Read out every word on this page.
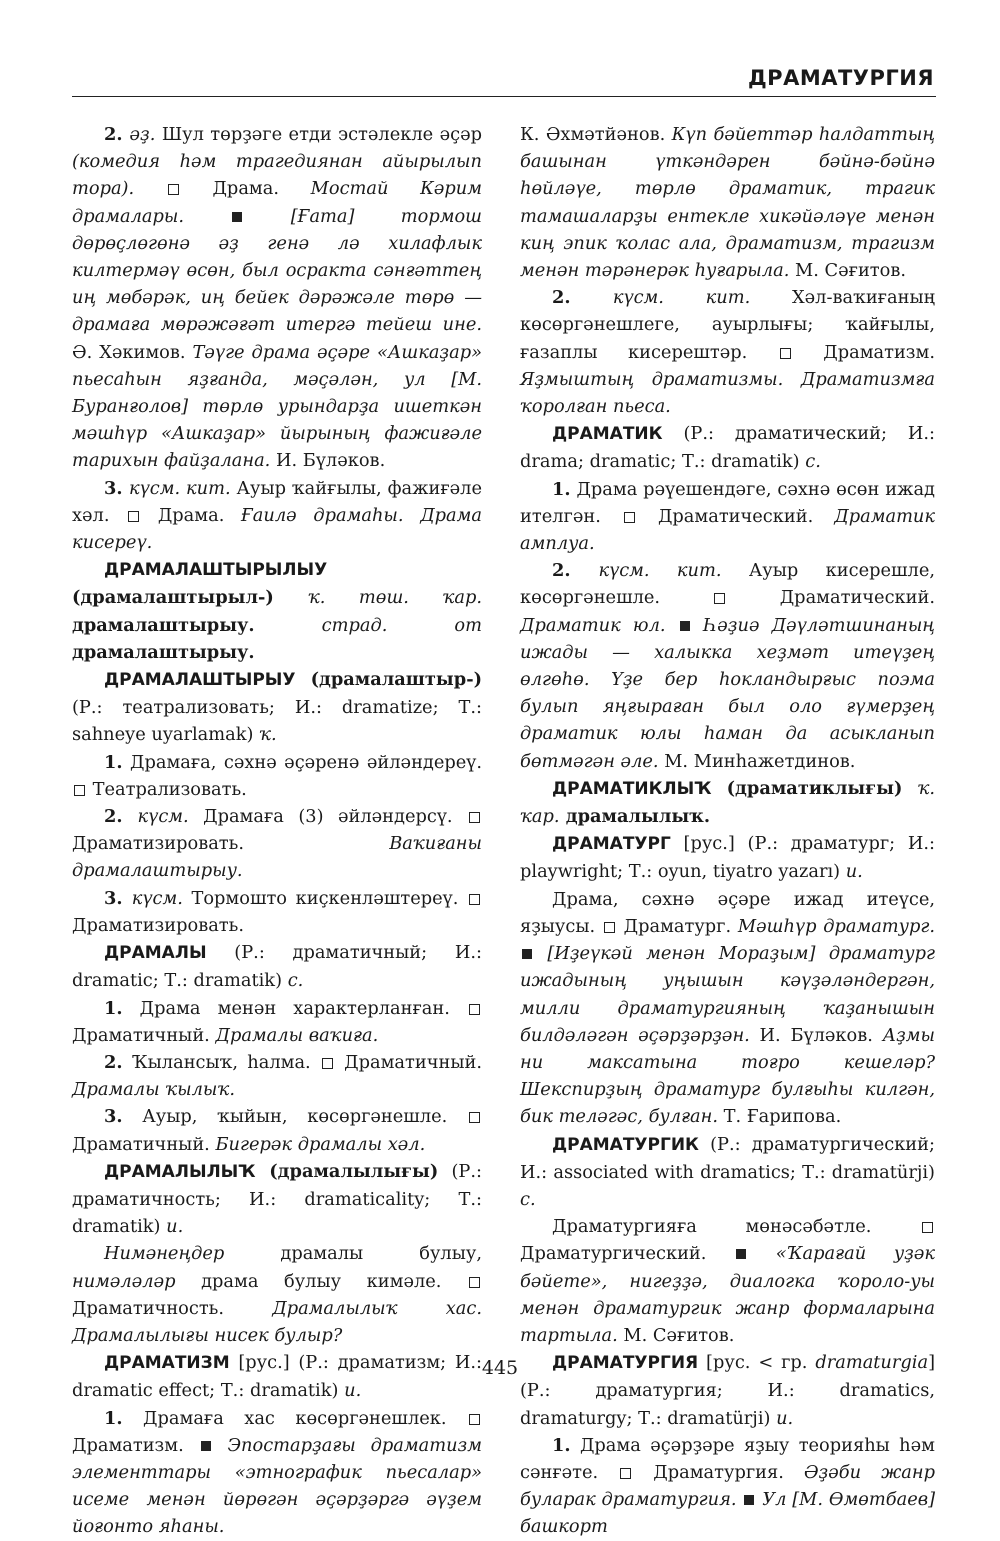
ДРАМАТУРГИЯ

2. әҙ. Шул төрҙәге етди эстәлекле әҫәр (комедия һәм трагедиянан айырылып тора).	Драма. Мостай Кәрим драмалары.	[Ғата] тормош дөрөҫлөгөнә әҙ генә лә хилафлык килтермәү өсөн, был осракта сәнғәттең иң мөбәрәк, иң бейек дәрәжәле төрө — драмаға мөрәжәғәт итергә тейеш ине. Ә. Хәкимов. Тәүге драма әҫәре «Ашкаҙар» пьесаһын яҙғанда, мәҫәлән, ул [М. Буранғолов] төрлө урындарҙа ишеткән мәшһүр «Ашкаҙар» йырының фажиғәле тарихын файҙалана. И. Бүләков.

3. күсм. кит. Ауыр ҡайғылы, фажиғәле хәл.  Драма. Ғаилә драмаһы. Драма кисереү.

ДРАМАЛАШТЫРЫЛЫУ (драмалаштырыл-) ҡ. төш. ҡар. драмалаштырыу. страд. от драмалаштырыу.

ДРАМАЛАШТЫРЫУ (драмалаштыр-) (Р.: театрализовать; И.: dramatize; Т.: sahneye uyarlamak) ҡ.

1. Драмаға, сәхнә әҫәренә әйләндереү.  Театрализовать.

2. күсм. Драмаға (3) әйләндерсү.  Драматизировать. Ваҡиғаны драмалаштырыу.

3. күсм. Тормошто киҫкенләштереү.  Драматизировать.

ДРАМАЛЫ (Р.: драматичный; И.: dramatic; Т.: dramatik) с.

1. Драма менән характерланған.  Драматичный. Драмалы ваҡиға.

2. Ҡылансыҡ, һалма.  Драматичный. Драмалы ҡылыҡ.

3. Ауыр, ҡыйын, көсөргәнешле.  Драматичный. Бигерәк драмалы хәл.

ДРАМАЛЫЛЫҠ (драмалылығы) (Р.: драматичность; И.: dramaticality; Т.: dramatik) и.

Нимәнеңдер драмалы булыу, нимәләләр драма булыу кимәле.  Драматичность. Драмалылыҡ хас. Драмалылығы нисек булыр?

ДРАМАТИЗМ [рус.] (Р.: драматизм; И.: dramatic effect; Т.: dramatik) и.

1. Драмаға хас көсөргәнешлек.  Драматизм.  Эпостарҙағы драматизм элементтары «этнографик пьесалар» исеме менән йөрөгән әҫәрҙәргә әүҙем йоғонто яһаны.

К. Әхмәтйәнов. Күп бәйеттәр һалдаттың башынан үткәндәрен бәйнә-бәйнә һөйләүе, төрлө драматик, трагик тамашаларҙы ентекле хикәйәләүе менән киң эпик ҡолас ала, драматизм, трагизм менән тәрәнерәк һуғарыла. М. Сәғитов.

2. күсм. кит. Хәл-ваҡиғаның көсөргәнешлеге, ауырлығы; ҡайғылы, ғазаплы кисерештәр.  Драматизм. Яҙмыштың драматизмы. Драматизмға ҡоролған пьеса.

ДРАМАТИК (Р.: драматический; И.: drama; dramatic; Т.: dramatik) с.

1. Драма рәүешендәге, сәхнә өсөн ижад ителгән.  Драматический. Драматик амплуа.

2. күсм. кит. Ауыр кисерешле, көсөргәнешле.  Драматический. Драматик юл. Һәҙиә Дәүләтшинаның ижады — халыкка хеҙмәт итеүҙең өлгөһө. Үҙе бер һокландырғыс поэма булып яңғыраған был оло ғүмерҙең драматик юлы һаман да асыкланып бөтмәгән әле. М. Минһажетдинов.

ДРАМАТИКЛЫҠ (драматиклығы) ҡ. ҡар. драмалылыҡ.

ДРАМАТУРГ [рус.] (Р.: драматург; И.: playwright; Т.: oyun, tiyatro yazarı) и.

Драма, сәхнә әҫәре ижад итеүсе, яҙыусы.  Драматург. Мәшһүр драматург.  [Иҙеүкәй менән Мораҙым] драматург ижадының уңышын кәүҙәләндергән, милли драматургияның ҡаҙанышын билдәләгән әҫәрҙәрҙән. И. Бүләков. Аҙмы ни максатына тоғро кешеләр? Шекспирҙың драматург булғыһы килгән, бик теләгәс, булған. Т. Ғарипова.

ДРАМАТУРГИК (Р.: драматургический; И.: associated with dramatics; Т.: dramatürji) с.

Драматургияға мөнәсәбәтле.  Драматургический.  «Ҡарағай уҙәк бәйете», нигеҙҙә, диалогка ҡороло-уы менән драматургик жанр формаларына тартыла. М. Сәғитов.

ДРАМАТУРГИЯ [рус. < гр. dramaturgia] (Р.: драматургия; И.: dramatics, dramaturgy; Т.: dramatürji) и.

1. Драма әҫәрҙәре яҙыу теорияһы һәм сәнғәте.  Драматургия. Әҙәби жанр буларак драматургия. Ул [М. Өмөтбаев] башкорт

445
